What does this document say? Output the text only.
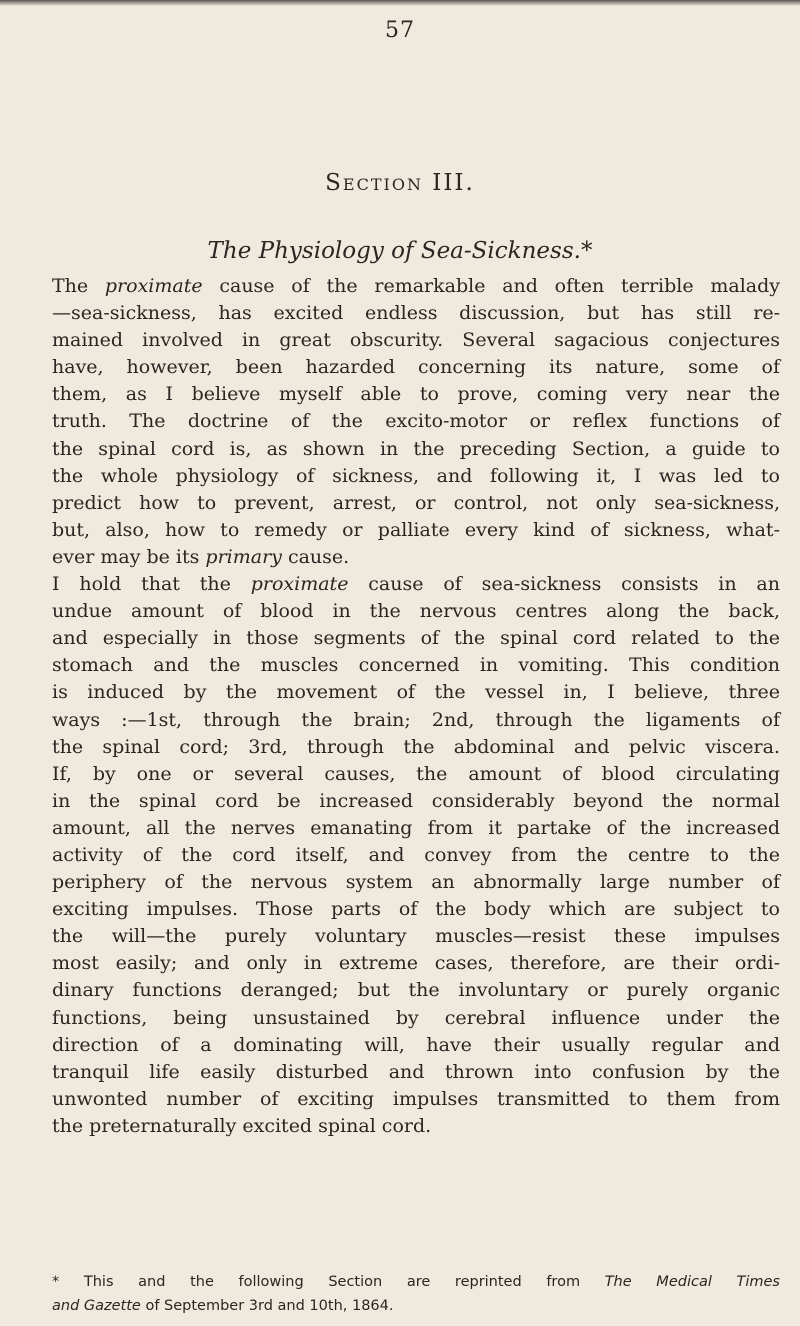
57
Section III.
The Physiology of Sea-Sickness.*
The proximate cause of the remarkable and often terrible malady
—sea-sickness, has excited endless discussion, but has still re-
mained involved in great obscurity. Several sagacious conjectures
have, however, been hazarded concerning its nature, some of
them, as I believe myself able to prove, coming very near the
truth. The doctrine of the excito-motor or reflex functions of
the spinal cord is, as shown in the preceding Section, a guide to
the whole physiology of sickness, and following it, I was led to
predict how to prevent, arrest, or control, not only sea-sickness,
but, also, how to remedy or palliate every kind of sickness, what-
ever may be its primary cause.
I hold that the proximate cause of sea-sickness consists in an
undue amount of blood in the nervous centres along the back,
and especially in those segments of the spinal cord related to the
stomach and the muscles concerned in vomiting. This condition
is induced by the movement of the vessel in, I believe, three
ways :—1st, through the brain; 2nd, through the ligaments of
the spinal cord; 3rd, through the abdominal and pelvic viscera.
If, by one or several causes, the amount of blood circulating
in the spinal cord be increased considerably beyond the normal
amount, all the nerves emanating from it partake of the increased
activity of the cord itself, and convey from the centre to the
periphery of the nervous system an abnormally large number of
exciting impulses. Those parts of the body which are subject to
the will—the purely voluntary muscles—resist these impulses
most easily; and only in extreme cases, therefore, are their ordi-
dinary functions deranged; but the involuntary or purely organic
functions, being unsustained by cerebral influence under the
direction of a dominating will, have their usually regular and
tranquil life easily disturbed and thrown into confusion by the
unwonted number of exciting impulses transmitted to them from
the preternaturally excited spinal cord.
* This and the following Section are reprinted from The Medical Times
and Gazette of September 3rd and 10th, 1864.
